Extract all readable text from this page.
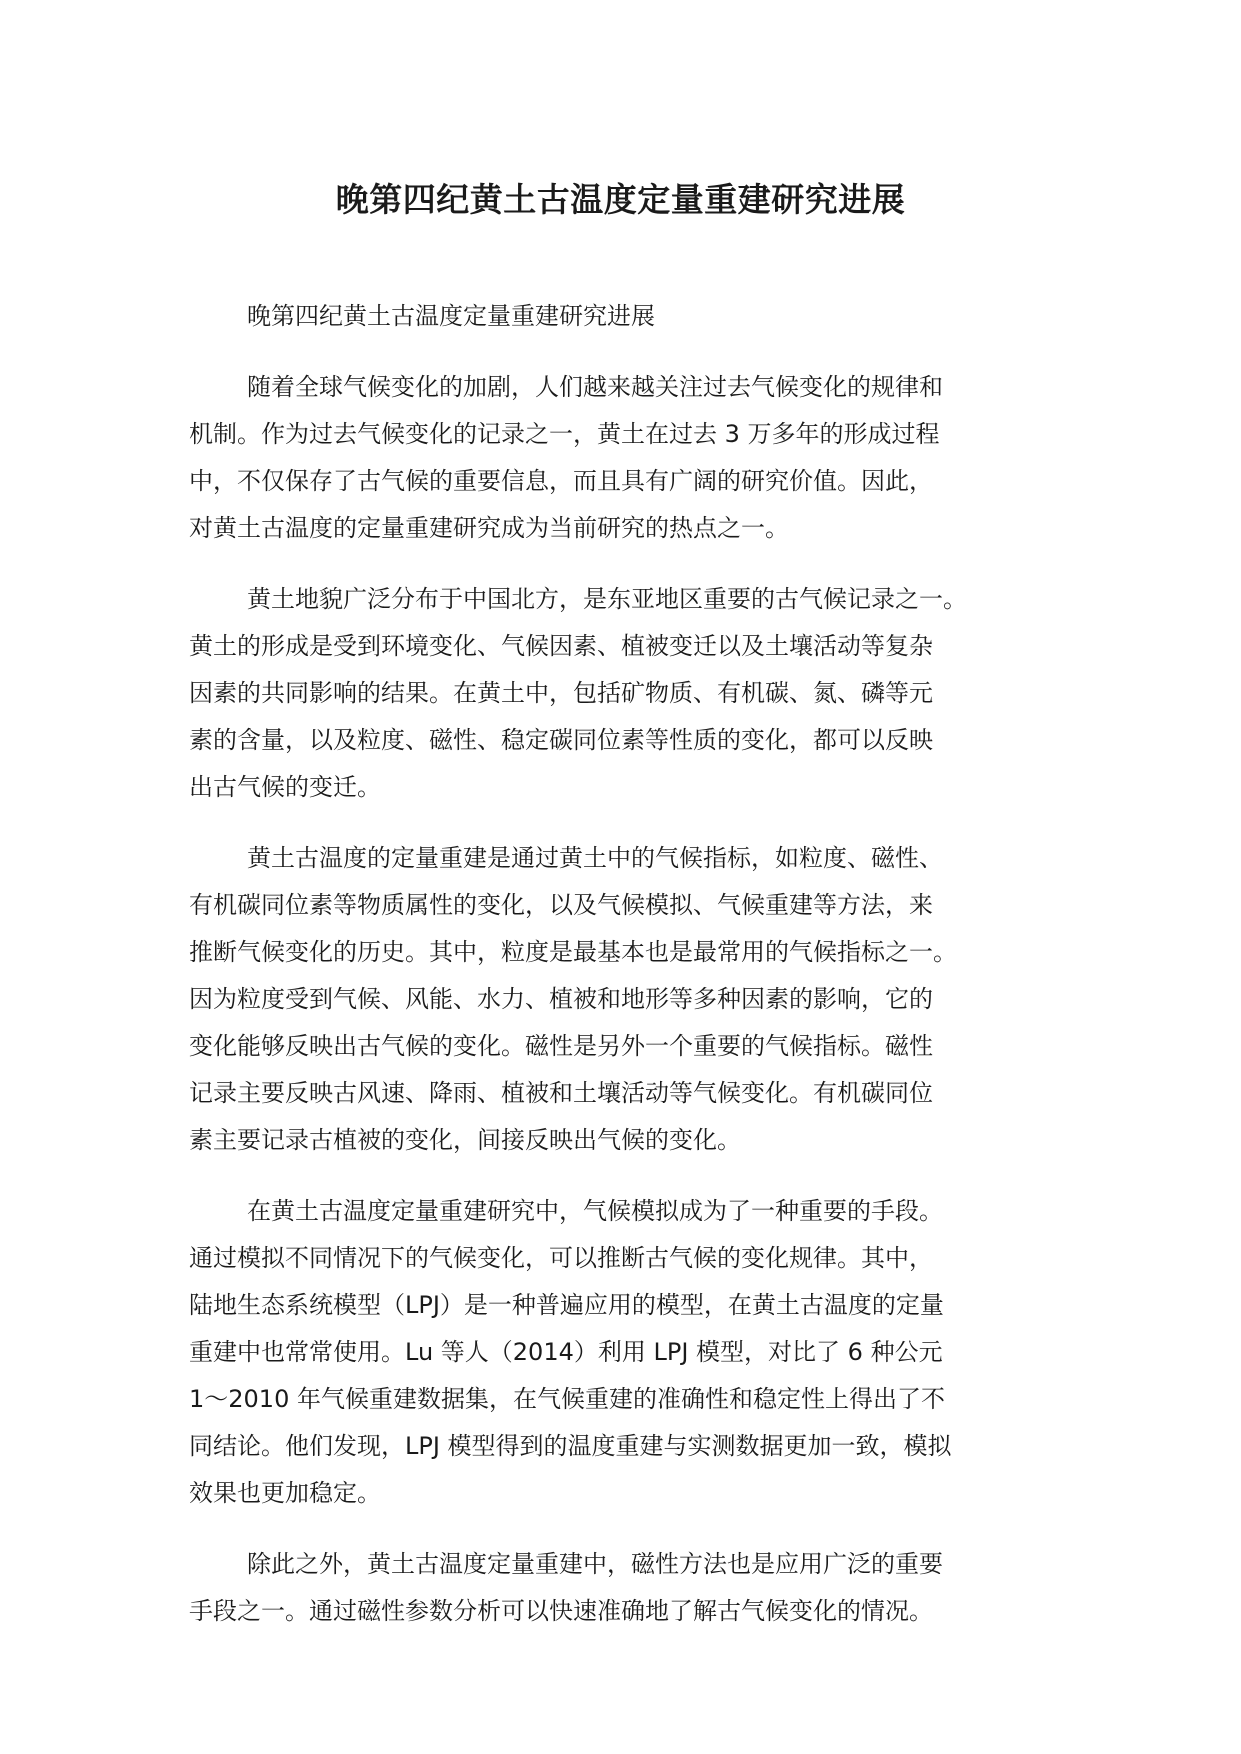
晚第四纪黄土古温度定量重建研究进展

晚第四纪黄土古温度定量重建研究进展

随着全球气候变化的加剧，人们越来越关注过去气候变化的规律和
机制。作为过去气候变化的记录之一，黄土在过去 3 万多年的形成过程
中，不仅保存了古气候的重要信息，而且具有广阔的研究价值。因此，
对黄土古温度的定量重建研究成为当前研究的热点之一。

黄土地貌广泛分布于中国北方，是东亚地区重要的古气候记录之一。
黄土的形成是受到环境变化、气候因素、植被变迁以及土壤活动等复杂
因素的共同影响的结果。在黄土中，包括矿物质、有机碳、氮、磷等元
素的含量，以及粒度、磁性、稳定碳同位素等性质的变化，都可以反映
出古气候的变迁。

黄土古温度的定量重建是通过黄土中的气候指标，如粒度、磁性、
有机碳同位素等物质属性的变化，以及气候模拟、气候重建等方法，来
推断气候变化的历史。其中，粒度是最基本也是最常用的气候指标之一。
因为粒度受到气候、风能、水力、植被和地形等多种因素的影响，它的
变化能够反映出古气候的变化。磁性是另外一个重要的气候指标。磁性
记录主要反映古风速、降雨、植被和土壤活动等气候变化。有机碳同位
素主要记录古植被的变化，间接反映出气候的变化。

在黄土古温度定量重建研究中，气候模拟成为了一种重要的手段。
通过模拟不同情况下的气候变化，可以推断古气候的变化规律。其中，
陆地生态系统模型（LPJ）是一种普遍应用的模型，在黄土古温度的定量
重建中也常常使用。Lu 等人（2014）利用 LPJ 模型，对比了 6 种公元
1～2010 年气候重建数据集，在气候重建的准确性和稳定性上得出了不
同结论。他们发现，LPJ 模型得到的温度重建与实测数据更加一致，模拟
效果也更加稳定。

除此之外，黄土古温度定量重建中，磁性方法也是应用广泛的重要
手段之一。通过磁性参数分析可以快速准确地了解古气候变化的情况。
